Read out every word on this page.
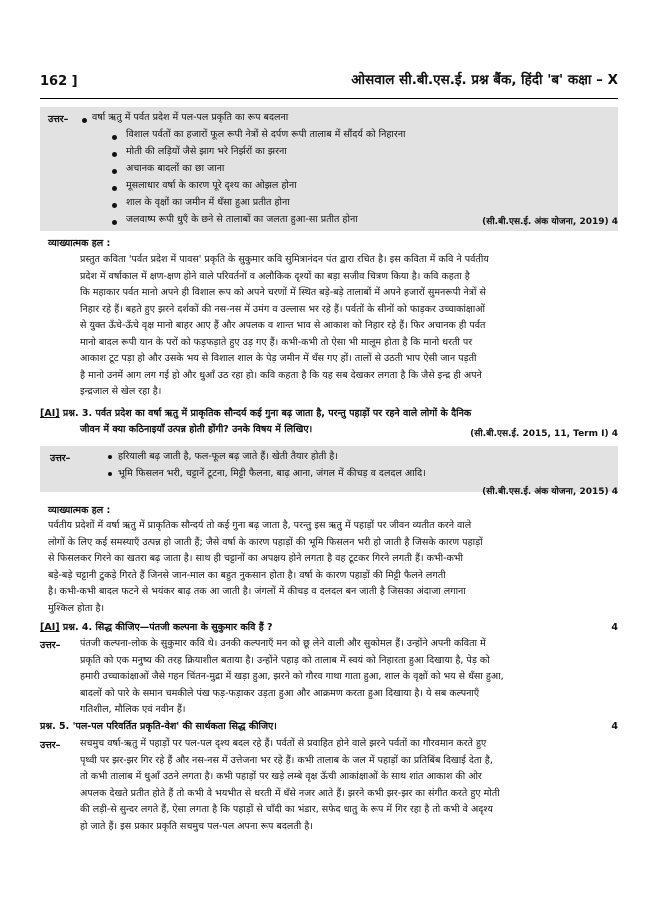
162 ]	ओसवाल सी.बी.एस.ई. प्रश्न बैंक, हिंदी 'ब' कक्षा – X
उत्तर– वर्षा ऋतु में पर्वत प्रदेश में पल-पल प्रकृति का रूप बदलना
विशाल पर्वतों का हजारों फूल रूपी नेत्रों से दर्पण रूपी तालाब में सौंदर्य को निहारना
मोती की लड़ियों जैसे झाग भरे निर्झरों का झरना
अचानक बादलों का छा जाना
मूसलाधार वर्षा के कारण पूरे दृश्य का ओझल होना
शाल के वृक्षों का जमीन में धँसा हुआ प्रतीत होना
जलवाष्प रूपी धुएँ के छने से तालाबों का जलता हुआ-सा प्रतीत होना	(सी.बी.एस.ई. अंक योजना, 2019) 4
व्याख्यात्मक हल :
प्रस्तुत कविता 'पर्वत प्रदेश में पावस' प्रकृति के सुकुमार कवि सुमित्रानंदन पंत द्वारा रचित है। इस कविता में कवि ने पर्वतीय
प्रदेश में वर्षाकाल में क्षण-क्षण होने वाले परिवर्तनों व अलौकिक दृश्यों का बड़ा सजीव चित्रण किया है। कवि कहता है
कि महाकार पर्वत मानो अपने ही विशाल रूप को अपने चरणों में स्थित बड़े-बड़े तालाबों में अपने हजारों सुमनरूपी नेत्रों से
निहार रहे हैं। बहते हुए झरने दर्शकों की नस-नस में उमंग व उल्लास भर रहे हैं। पर्वतों के सीनों को फाड़कर उच्चाकांक्षाओं
से युक्त ऊँचे-ऊँचे वृक्ष मानो बाहर आए हैं और अपलक व शान्त भाव से आकाश को निहार रहे हैं। फिर अचानक ही पर्वत
मानो बादल रूपी यान के परों को फड़फड़ाते हुए उड़ गए हैं। कभी-कभी तो ऐसा भी मालूम होता है कि मानो धरती पर
आकाश टूट पड़ा हो और उसके भय से विशाल शाल के पेड़ जमीन में धँस गए हों। तालों से उठती भाप ऐसी जान पड़ती
है मानो उनमें आग लग गई हो और धुआँ उठ रहा हो। कवि कहता है कि यह सब देखकर लगता है कि जैसे इन्द्र ही अपने
इन्द्रजाल से खेल रहा है।
[AI] प्रश्न. 3. पर्वत प्रदेश का वर्षा ऋतु में प्राकृतिक सौन्दर्य कई गुना बढ़ जाता है, परन्तु पहाड़ों पर रहने वाले लोगों के दैनिक
जीवन में क्या कठिनाइयाँ उत्पन्न होती होंगी? उनके विषय में लिखिए।	(सी.बी.एस.ई. 2015, 11, Term I) 4
उत्तर–	हरियाली बढ़ जाती है, फल-फूल बढ़ जाते हैं। खेती तैयार होती है।
भूमि फिसलन भरी, चट्टानें टूटना, मिट्टी फैलना, बाढ़ आना, जंगल में कीचड़ व दलदल आदि।
(सी.बी.एस.ई. अंक योजना, 2015) 4
व्याख्यात्मक हल :
पर्वतीय प्रदेशों में वर्षा ऋतु में प्राकृतिक सौन्दर्य तो कई गुना बढ़ जाता है, परन्तु इस ऋतु में पहाड़ों पर जीवन व्यतीत करने वाले
लोगों के लिए कई समस्याएँ उत्पन्न हो जाती हैं; जैसे वर्षा के कारण पहाड़ों की भूमि फिसलन भरी हो जाती है जिसके कारण पहाड़ों
से फिसलकर गिरने का खतरा बढ़ जाता है। साथ ही चट्टानों का अपक्षय होने लगता है वह टूटकर गिरने लगती हैं। कभी-कभी
बड़े-बड़े चट्टानी टुकड़े गिरते हैं जिनसे जान-माल का बहुत नुकसान होता है। वर्षा के कारण पहाड़ों की मिट्टी फैलने लगती
है। कभी-कभी बादल फटने से भयंकर बाढ़ तक आ जाती है। जंगलों में कीचड़ व दलदल बन जाती है जिसका अंदाजा लगाना
मुश्किल होता है।
[AI] प्रश्न. 4. सिद्ध कीजिए—पंतजी कल्पना के सुकुमार कवि हैं ?	4
उत्तर– पंतजी कल्पना-लोक के सुकुमार कवि थे। उनकी कल्पनाएँ मन को छू लेने वाली और सुकोमल हैं। उन्होंने अपनी कविता में
प्रकृति को एक मनुष्य की तरह क्रियाशील बताया है। उन्होंने पहाड़ को तालाब में स्वयं को निहारता हुआ दिखाया है, पेड़ को
हमारी उच्चाकांक्षाओं जैसे गहन चिंतन-मुद्रा में खड़ा हुआ, झरने को गौरव गाथा गाता हुआ, शाल के वृक्षों को भय से धँसा हुआ,
बादलों को पारे के समान चमकीले पंख फड़-फड़ाकर उड़ता हुआ और आक्रमण करता हुआ दिखाया है। ये सब कल्पनाएँ
गतिशील, मौलिक एवं नवीन हैं।
प्रश्न. 5. 'पल-पल परिवर्तित प्रकृति-वेश' की सार्थकता सिद्ध कीजिए।	4
उत्तर– सचमुच वर्षा-ऋतु में पहाड़ों पर पल-पल दृश्य बदल रहे हैं। पर्वतों से प्रवाहित होने वाले झरने पर्वतों का गौरवमान करते हुए
पृथ्वी पर झर-झर गिर रहे हैं और नस-नस में उत्तेजना भर रहे हैं। कभी तालाब के जल में पहाड़ों का प्रतिबिंब दिखाई देता है,
तो कभी तालाब में धुआँ उठने लगता है। कभी पहाड़ों पर खड़े लम्बे वृक्ष ऊँची आकांक्षाओं के साथ शांत आकाश की ओर
अपलक देखते प्रतीत होते हैं तो कभी वे भयभीत से धरती में धँसे नजर आते हैं। झरने कभी झर-झर का संगीत करते हुए मोती
की लड़ी-से सुन्दर लगते हैं, ऐसा लगता है कि पहाड़ों से चाँदी का भंडार, सफेद धातु के रूप में गिर रहा है तो कभी वे अदृश्य
हो जाते हैं। इस प्रकार प्रकृति सचमुच पल-पल अपना रूप बदलती है।
